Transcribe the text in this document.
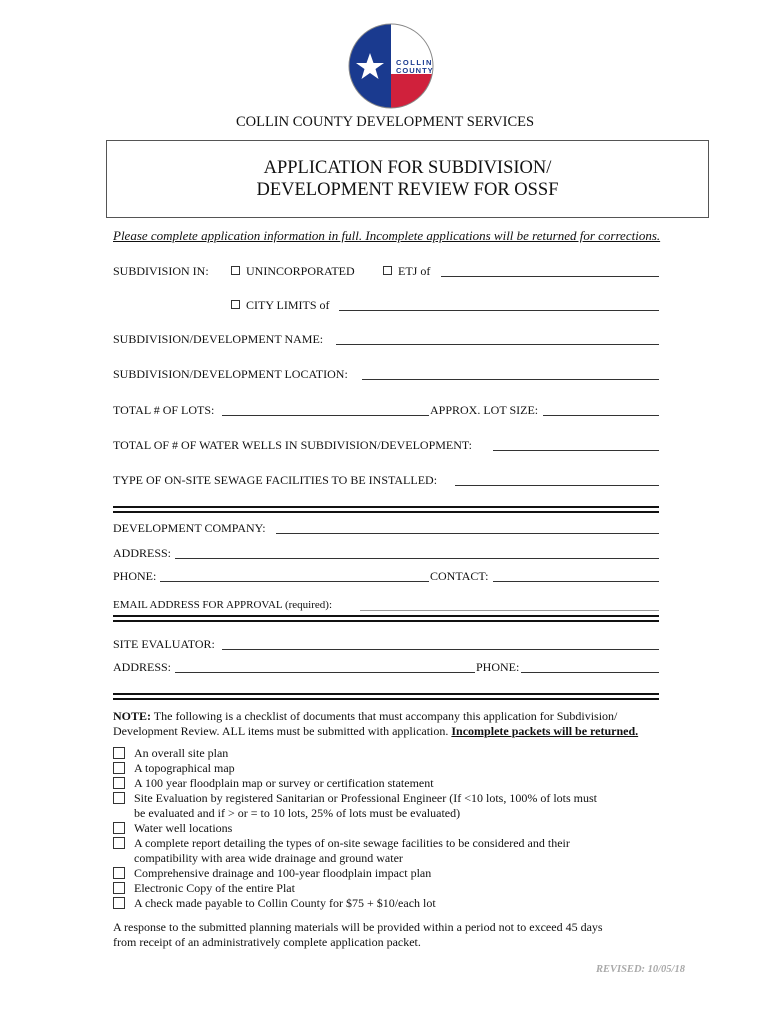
COLLIN
COUNTY
COLLIN COUNTY DEVELOPMENT SERVICES
APPLICATION FOR SUBDIVISION/
DEVELOPMENT REVIEW FOR OSSF
Please complete application information in full. Incomplete applications will be returned for corrections.
SUBDIVISION IN:	UNINCORPORATED	ETJ of
CITY LIMITS of
SUBDIVISION/DEVELOPMENT NAME:
SUBDIVISION/DEVELOPMENT LOCATION:
TOTAL # OF LOTS:	APPROX. LOT SIZE:
TOTAL OF # OF WATER WELLS IN SUBDIVISION/DEVELOPMENT:
TYPE OF ON-SITE SEWAGE FACILITIES TO BE INSTALLED:
DEVELOPMENT COMPANY:
ADDRESS:
PHONE:	CONTACT:
EMAIL ADDRESS FOR APPROVAL (required):
SITE EVALUATOR:
ADDRESS:	PHONE:
NOTE: The following is a checklist of documents that must accompany this application for Subdivision/
Development Review. ALL items must be submitted with application. Incomplete packets will be returned.
An overall site plan
A topographical map
A 100 year floodplain map or survey or certification statement
Site Evaluation by registered Sanitarian or Professional Engineer (If <10 lots, 100% of lots must
be evaluated and if > or = to 10 lots, 25% of lots must be evaluated)
Water well locations
A complete report detailing the types of on-site sewage facilities to be considered and their
compatibility with area wide drainage and ground water
Comprehensive drainage and 100-year floodplain impact plan
Electronic Copy of the entire Plat
A check made payable to Collin County for $75 + $10/each lot
A response to the submitted planning materials will be provided within a period not to exceed 45 days
from receipt of an administratively complete application packet.
REVISED: 10/05/18
